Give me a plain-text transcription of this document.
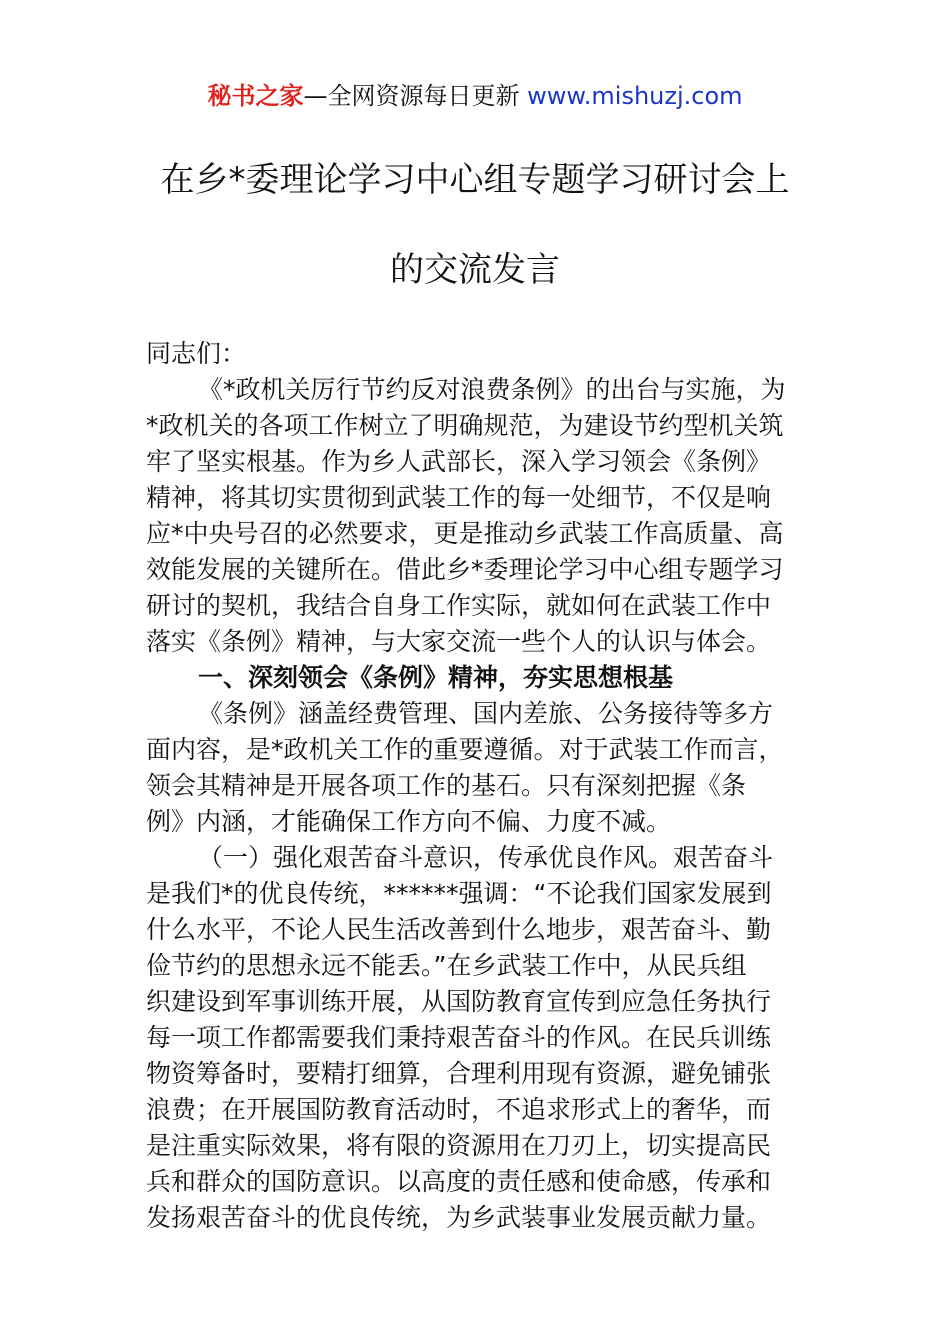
秘书之家—全网资源每日更新 www.mishuzj.com
在乡*委理论学习中心组专题学习研讨会上
的交流发言
同志们：
《*政机关厉行节约反对浪费条例》的出台与实施，为
*政机关的各项工作树立了明确规范，为建设节约型机关筑
牢了坚实根基。作为乡人武部长，深入学习领会《条例》
精神，将其切实贯彻到武装工作的每一处细节，不仅是响
应*中央号召的必然要求，更是推动乡武装工作高质量、高
效能发展的关键所在。借此乡*委理论学习中心组专题学习
研讨的契机，我结合自身工作实际，就如何在武装工作中
落实《条例》精神，与大家交流一些个人的认识与体会。
一、深刻领会《条例》精神，夯实思想根基
《条例》涵盖经费管理、国内差旅、公务接待等多方
面内容，是*政机关工作的重要遵循。对于武装工作而言，
领会其精神是开展各项工作的基石。只有深刻把握《条
例》内涵，才能确保工作方向不偏、力度不减。
（一）强化艰苦奋斗意识，传承优良作风。艰苦奋斗
是我们*的优良传统，******强调：“不论我们国家发展到
什么水平，不论人民生活改善到什么地步，艰苦奋斗、勤
俭节约的思想永远不能丢。”在乡武装工作中，从民兵组
织建设到军事训练开展，从国防教育宣传到应急任务执行
每一项工作都需要我们秉持艰苦奋斗的作风。在民兵训练
物资筹备时，要精打细算，合理利用现有资源，避免铺张
浪费；在开展国防教育活动时，不追求形式上的奢华，而
是注重实际效果，将有限的资源用在刀刃上，切实提高民
兵和群众的国防意识。以高度的责任感和使命感，传承和
发扬艰苦奋斗的优良传统，为乡武装事业发展贡献力量。
